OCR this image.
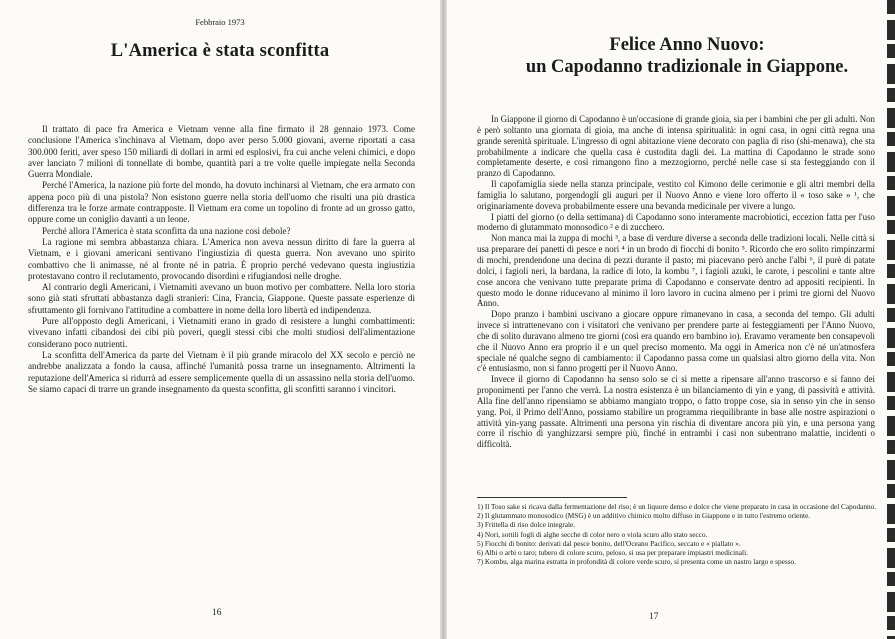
Febbraio 1973
L'America è stata sconfitta

Il trattato di pace fra America e Vietnam venne alla fine firmato il 28 gennaio 1973. Come conclusione l'America s'inchinava al Vietnam, dopo aver perso 5.000 giovani, averne riportati a casa 300.000 feriti, aver speso 150 miliardi di dollari in armi ed esplosivi, fra cui anche veleni chimici, e dopo aver lanciato 7 milioni di tonnellate di bombe, quantità pari a tre volte quelle impiegate nella Seconda Guerra Mondiale.

Perché l'America, la nazione più forte del mondo, ha dovuto inchinarsi al Vietnam, che era armato con appena poco più di una pistola? Non esistono guerre nella storia dell'uomo che risulti una più drastica differenza tra le forze armate contrapposte. Il Vietnam era come un topolino di fronte ad un grosso gatto, oppure come un coniglio davanti a un leone.

Perché allora l'America è stata sconfitta da una nazione così debole?

La ragione mi sembra abbastanza chiara. L'America non aveva nessun diritto di fare la guerra al Vietnam, e i giovani americani sentivano l'ingiustizia di questa guerra. Non avevano uno spirito combattivo che li animasse, né al fronte né in patria. È proprio perché vedevano questa ingiustizia protestavano contro il reclutamento, provocando disordini e rifugiandosi nelle droghe.

Al contrario degli Americani, i Vietnamiti avevano un buon motivo per combattere. Nella loro storia sono già stati sfruttati abbastanza dagli stranieri: Cina, Francia, Giappone. Queste passate esperienze di sfruttamento gli fornivano l'attitudine a combattere in nome della loro libertà ed indipendenza.

Pure all'opposto degli Americani, i Vietnamiti erano in grado di resistere a lunghi combattimenti: vivevano infatti cibandosi dei cibi più poveri, quegli stessi cibi che molti studiosi dell'alimentazione considerano poco nutrienti.

La sconfitta dell'America da parte del Vietnam è il più grande miracolo del XX secolo e perciò ne andrebbe analizzata a fondo la causa, affinché l'umanità possa trarne un insegnamento. Altrimenti la reputazione dell'America si ridurrà ad essere semplicemente quella di un assassino nella storia dell'uomo. Se siamo capaci di trarre un grande insegnamento da questa sconfitta, gli sconfitti saranno i vincitori.

16
Felice Anno Nuovo:
un Capodanno tradizionale in Giappone.

In Giappone il giorno di Capodanno è un'occasione di grande gioia, sia per i bambini che per gli adulti. Non è però soltanto una giornata di gioia, ma anche di intensa spiritualità: in ogni casa, in ogni città regna una grande serenità spirituale. L'ingresso di ogni abitazione viene decorato con paglia di riso (shi-menawa), che sta probabilmente a indicare che quella casa è custodita dagli dei. La mattina di Capodanno le strade sono completamente deserte, e così rimangono fino a mezzogiorno, perché nelle case si sta festeggiando con il pranzo di Capodanno.

Il capofamiglia siede nella stanza principale, vestito col Kimono delle cerimonie e gli altri membri della famiglia lo salutano, porgendogli gli auguri per il Nuovo Anno e viene loro offerto il « toso sake » ¹, che originariamente doveva probabilmente essere una bevanda medicinale per vivere a lungo.

I piatti del giorno (o della settimana) di Capodanno sono interamente macrobiotici, eccezion fatta per l'uso moderno di glutammato monosodico ² e di zucchero.

Non manca mai la zuppa di mochi ³, a base di verdure diverse a seconda delle tradizioni locali. Nelle città si usa preparare dei panetti di pesce e nori ⁴ in un brodo di fiocchi di bonito ⁵. Ricordo che ero solito rimpinzarmi di mochi, prendendone una decina di pezzi durante il pasto; mi piacevano però anche l'albi ⁶, il purè di patate dolci, i fagioli neri, la bardana, la radice di loto, la kombu ⁷, i fagioli azuki, le carote, i pescolini e tante altre cose ancora che venivano tutte preparate prima di Capodanno e conservate dentro ad appositi recipienti. In questo modo le donne riducevano al minimo il loro lavoro in cucina almeno per i primi tre giorni del Nuovo Anno.

Dopo pranzo i bambini uscivano a giocare oppure rimanevano in casa, a seconda del tempo. Gli adulti invece si intrattenevano con i visitatori che venivano per prendere parte ai festeggiamenti per l'Anno Nuovo, che di solito duravano almeno tre giorni (così era quando ero bambino io). Eravamo veramente ben consapevoli che il Nuovo Anno era proprio il e un quel preciso momento. Ma oggi in America non c'è né un'atmosfera speciale né qualche segno di cambiamento: il Capodanno passa come un qualsiasi altro giorno della vita. Non c'è entusiasmo, non si fanno progetti per il Nuovo Anno.

Invece il giorno di Capodanno ha senso solo se ci si mette a ripensare all'anno trascorso e si fanno dei proponimenti per l'anno che verrà. La nostra esistenza è un bilanciamento di yin e yang, di passività e attività. Alla fine dell'anno ripensiamo se abbiamo mangiato troppo, o fatto troppe cose, sia in senso yin che in senso yang. Poi, il Primo dell'Anno, possiamo stabilire un programma riequilibrante in base alle nostre aspirazioni o attività yin-yang passate. Altrimenti una persona yin rischia di diventare ancora più yin, e una persona yang corre il rischio di yanghizzarsi sempre più, finché in entrambi i casi non subentrano malattie, incidenti o difficoltà.

1) Il Toso sake si ricava dalla fermentazione del riso; è un liquore denso e dolce che viene preparato in casa in occasione del Capodanno.

2) Il glutammato monosodico (MSG) è un additivo chimico molto diffuso in Giappone e in tutto l'estremo oriente.

3) Frittella di riso dolce integrale.

4) Nori, sottili fogli di alghe secche di color nero o viola scuro allo stato secco.

5) Fiocchi di bonito: derivati dal pesce bonito, dell'Oceano Pacifico, seccato e « piallato ».

6) Albi o arbi o taro; tubero di colore scuro, peloso, si usa per preparare impiastri medicinali.

7) Kombu, alga marina estratta in profondità di colore verde scuro, si presenta come un nastro largo e spesso.

17
